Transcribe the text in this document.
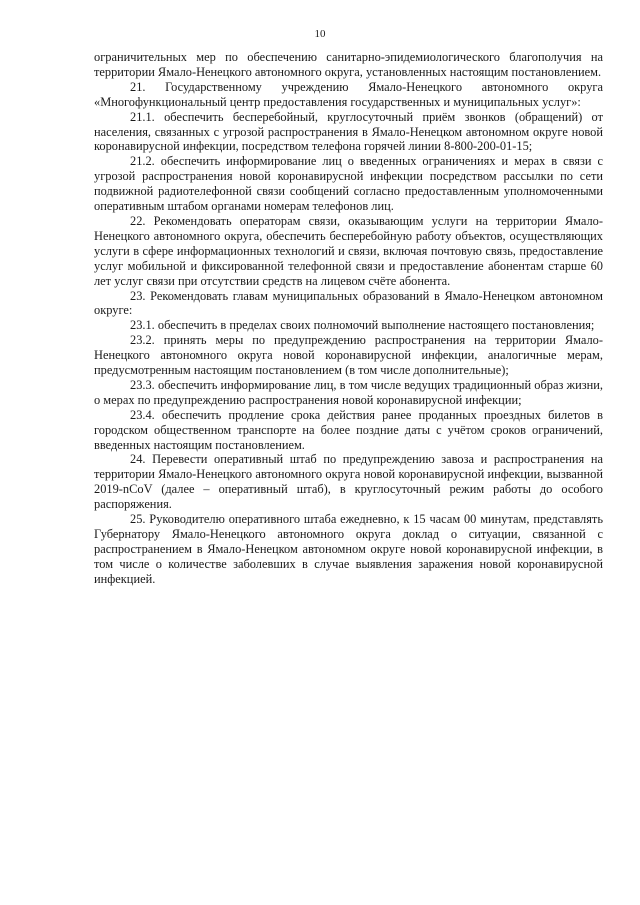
10

ограничительных мер по обеспечению санитарно-эпидемиологического благополучия на территории Ямало-Ненецкого автономного округа, установленных настоящим постановлением.

21. Государственному учреждению Ямало-Ненецкого автономного округа «Многофункциональный центр предоставления государственных и муниципальных услуг»:

21.1. обеспечить бесперебойный, круглосуточный приём звонков (обращений) от населения, связанных с угрозой распространения в Ямало-Ненецком автономном округе новой коронавирусной инфекции, посредством телефона горячей линии 8-800-200-01-15;

21.2. обеспечить информирование лиц о введенных ограничениях и мерах в связи с угрозой распространения новой коронавирусной инфекции посредством рассылки по сети подвижной радиотелефонной связи сообщений согласно предоставленным уполномоченными оперативным штабом органами номерам телефонов лиц.

22. Рекомендовать операторам связи, оказывающим услуги на территории Ямало-Ненецкого автономного округа, обеспечить бесперебойную работу объектов, осуществляющих услуги в сфере информационных технологий и связи, включая почтовую связь, предоставление услуг мобильной и фиксированной телефонной связи и предоставление абонентам старше 60 лет услуг связи при отсутствии средств на лицевом счёте абонента.

23. Рекомендовать главам муниципальных образований в Ямало-Ненецком автономном округе:

23.1. обеспечить в пределах своих полномочий выполнение настоящего постановления;

23.2. принять меры по предупреждению распространения на территории Ямало-Ненецкого автономного округа новой коронавирусной инфекции, аналогичные мерам, предусмотренным настоящим постановлением (в том числе дополнительные);

23.3. обеспечить информирование лиц, в том числе ведущих традиционный образ жизни, о мерах по предупреждению распространения новой коронавирусной инфекции;

23.4. обеспечить продление срока действия ранее проданных проездных билетов в городском общественном транспорте на более поздние даты с учётом сроков ограничений, введенных настоящим постановлением.

24. Перевести оперативный штаб по предупреждению завоза и распространения на территории Ямало-Ненецкого автономного округа новой коронавирусной инфекции, вызванной 2019-nCoV (далее – оперативный штаб), в круглосуточный режим работы до особого распоряжения.

25. Руководителю оперативного штаба ежедневно, к 15 часам 00 минутам, представлять Губернатору Ямало-Ненецкого автономного округа доклад о ситуации, связанной с распространением в Ямало-Ненецком автономном округе новой коронавирусной инфекции, в том числе о количестве заболевших в случае выявления заражения новой коронавирусной инфекцией.
